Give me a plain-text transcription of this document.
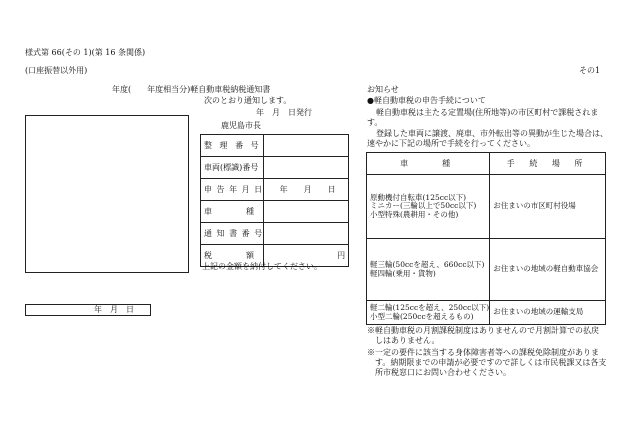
様式第 66(その 1)(第 16 条関係)
(口座振替以外用)	その1
年度(　　年度相当分)軽自動車税納税通知書
次のとおり通知します。
年　月　日発行
鹿児島市長
整 理 番 号	
車両(標識)番号	
申 告 年 月 日	年　　月　　日
車　　　種	
通 知 書 番 号	
税　　　額	円
上記の金額を納付してください。
年　月　日
お知らせ
●軽自動車税の申告手続について
軽自動車税は主たる定置場(住所地等)の市区町村で課税されま
す。
登録した車両に譲渡、廃車、市外転出等の異動が生じた場合は、
速やかに下記の場所で手続を行ってください。
車　　種	手 続 場 所

原動機付自転車(125cc以下)
ミニカー(三輪以上で50cc以下)
小型特殊(農耕用・その他)	お住まいの市区町村役場

軽三輪(50ccを超え、660cc以下)
軽四輪(乗用・貨物)	お住まいの地域の軽自動車協会

軽二輪(125ccを超え、250cc以下)
小型二輪(250ccを超えるもの)	お住まいの地域の運輸支局
※軽自動車税の月割課税制度はありませんので月割計算での払戻
しはありません。
※一定の要件に該当する身体障害者等への課税免除制度がありま
す。納期限までの申請が必要ですので詳しくは市民税課又は各支
所市税窓口にお問い合わせください。
